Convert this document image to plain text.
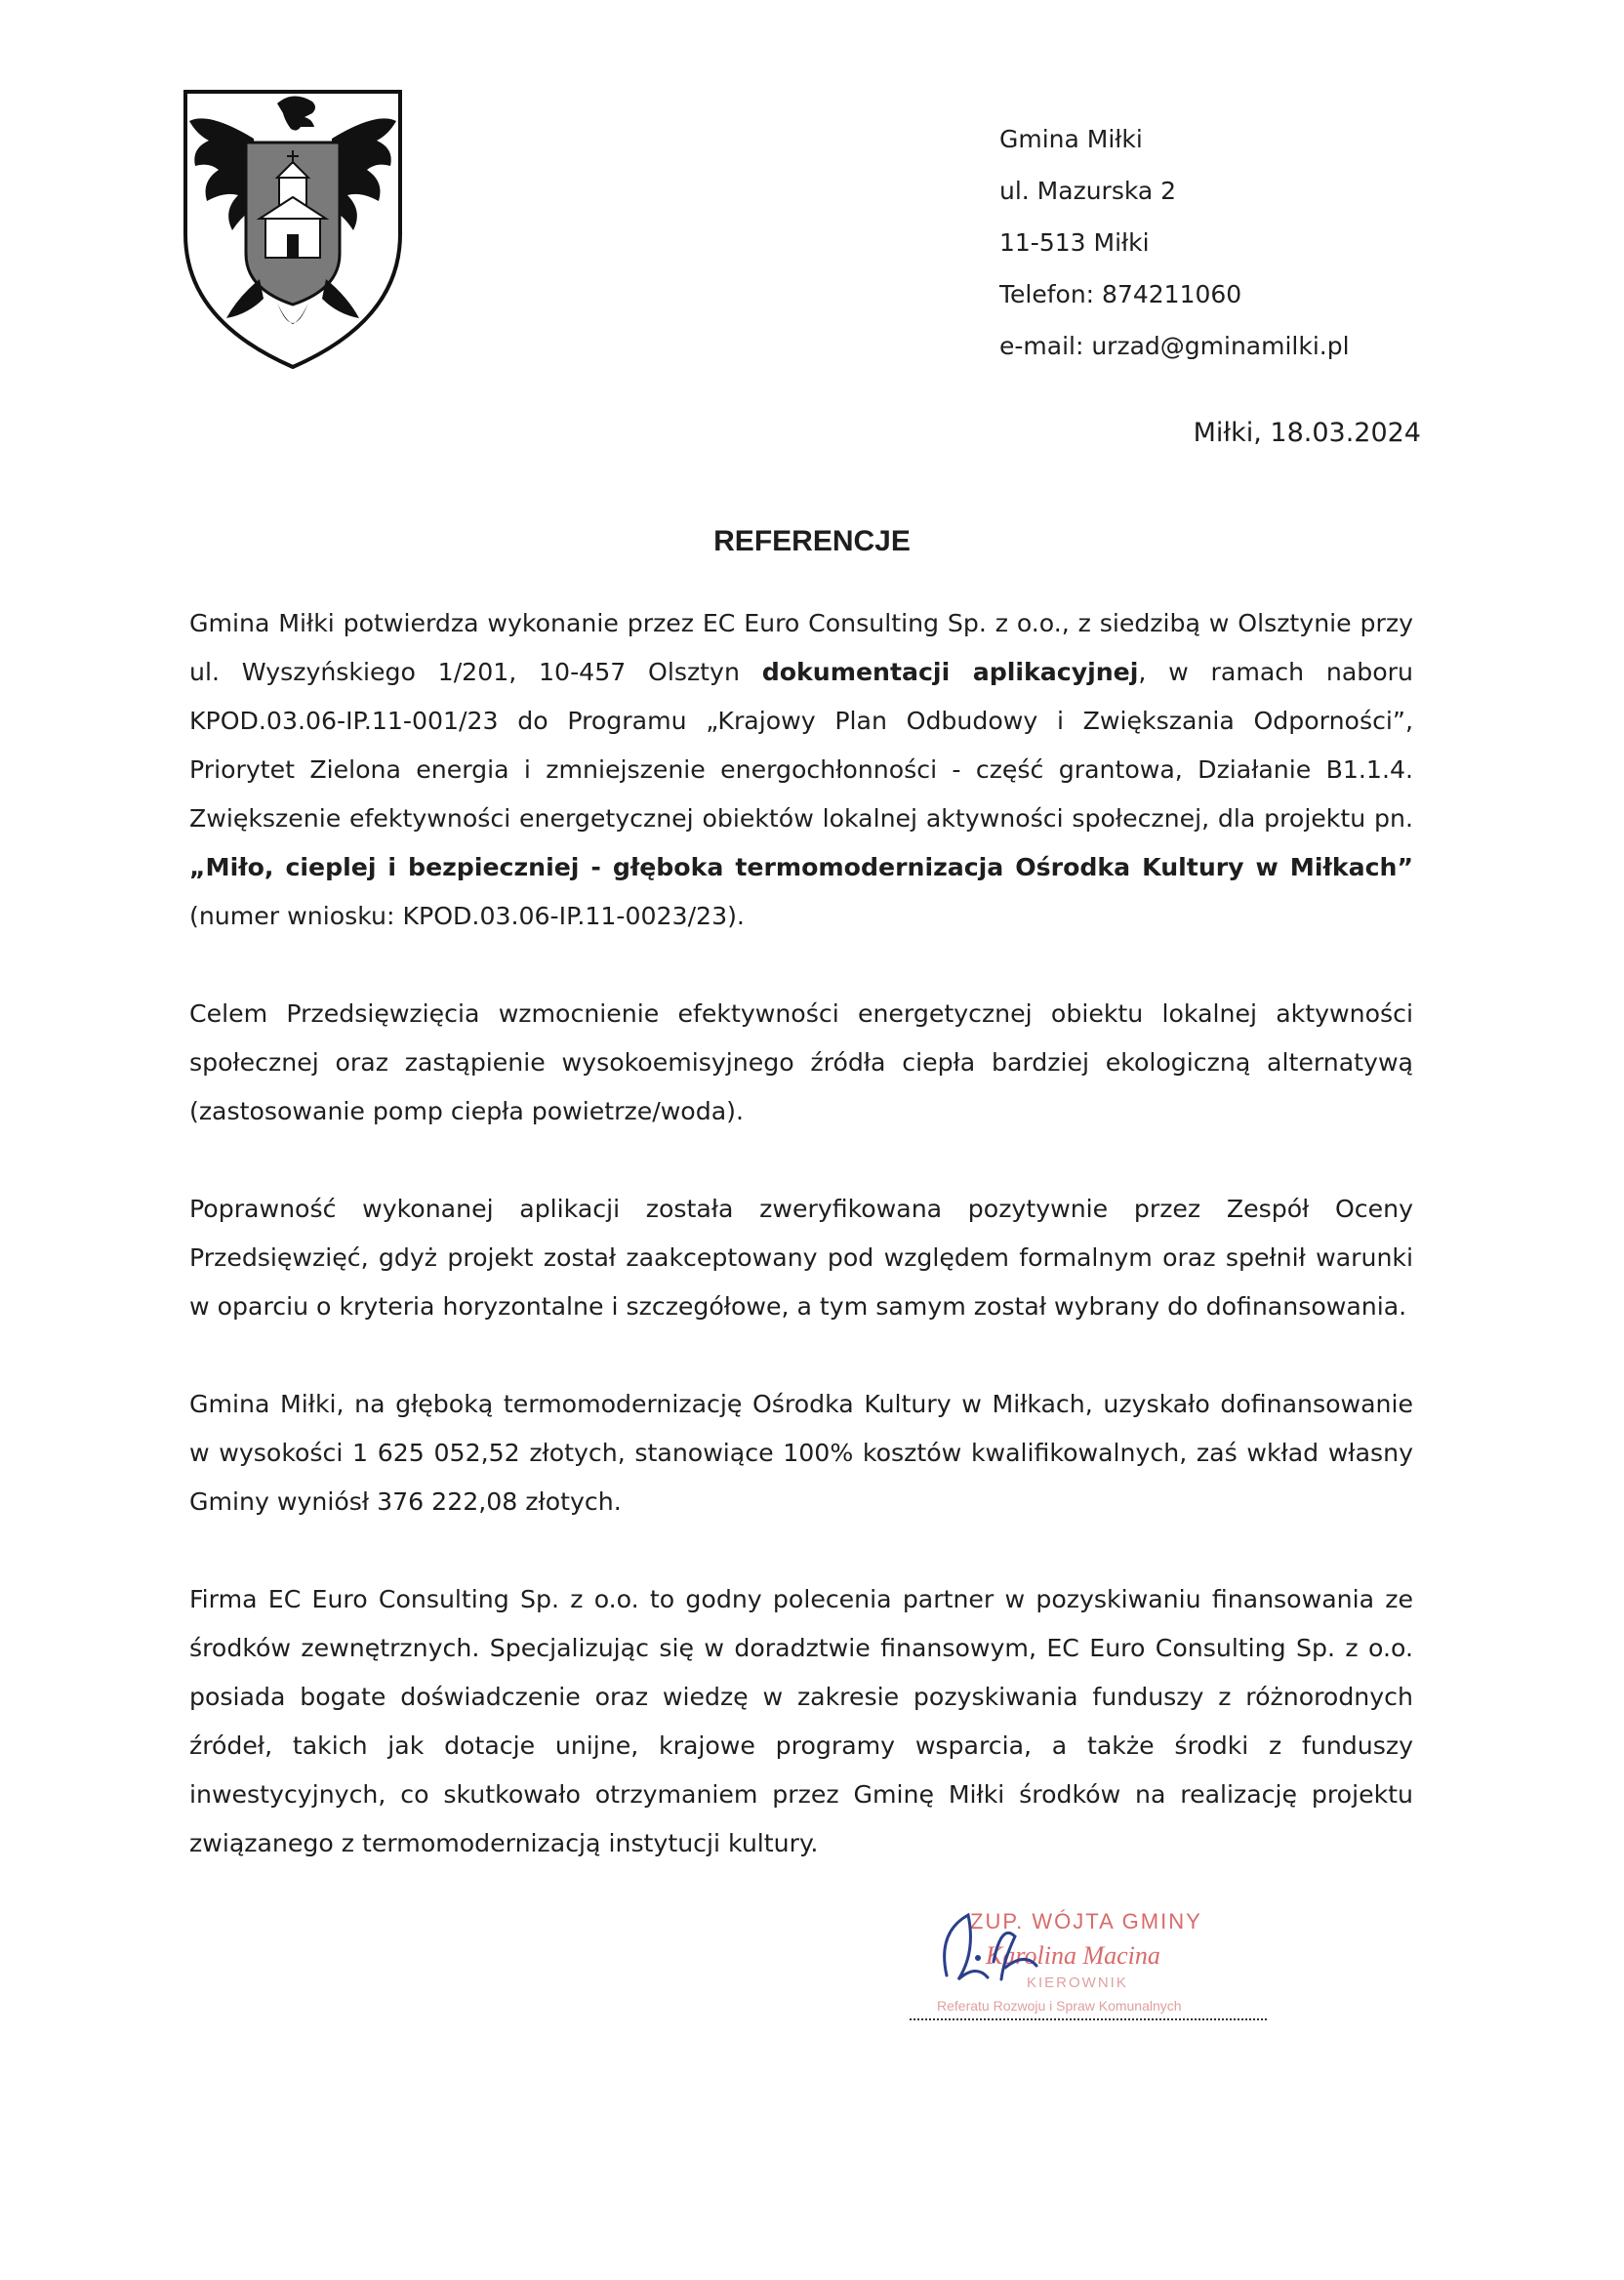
Gmina Miłki
ul. Mazurska 2
11-513 Miłki
Telefon: 874211060
e-mail: urzad@gminamilki.pl
Miłki, 18.03.2024
REFERENCJE

Gmina Miłki potwierdza wykonanie przez EC Euro Consulting Sp. z o.o., z siedzibą w Olsztynie przy ul. Wyszyńskiego 1/201, 10-457 Olsztyn dokumentacji aplikacyjnej, w ramach naboru KPOD.03.06-IP.11-001/23 do Programu „Krajowy Plan Odbudowy i Zwiększania Odporności”, Priorytet Zielona energia i zmniejszenie energochłonności - część grantowa, Działanie B1.1.4. Zwiększenie efektywności energetycznej obiektów lokalnej aktywności społecznej, dla projektu pn. „Miło, cieplej i bezpieczniej - głęboka termomodernizacja Ośrodka Kultury w Miłkach” (numer wniosku: KPOD.03.06-IP.11-0023/23).

Celem Przedsięwzięcia wzmocnienie efektywności energetycznej obiektu lokalnej aktywności społecznej oraz zastąpienie wysokoemisyjnego źródła ciepła bardziej ekologiczną alternatywą (zastosowanie pomp ciepła powietrze/woda).

Poprawność wykonanej aplikacji została zweryfikowana pozytywnie przez Zespół Oceny Przedsięwzięć, gdyż projekt został zaakceptowany pod względem formalnym oraz spełnił warunki w oparciu o kryteria horyzontalne i szczegółowe, a tym samym został wybrany do dofinansowania.

Gmina Miłki, na głęboką termomodernizację Ośrodka Kultury w Miłkach, uzyskało dofinansowanie w wysokości 1 625 052,52 złotych, stanowiące 100% kosztów kwalifikowalnych, zaś wkład własny Gminy wyniósł 376 222,08 złotych.

Firma EC Euro Consulting Sp. z o.o. to godny polecenia partner w pozyskiwaniu finansowania ze środków zewnętrznych. Specjalizując się w doradztwie finansowym, EC Euro Consulting Sp. z o.o. posiada bogate doświadczenie oraz wiedzę w zakresie pozyskiwania funduszy z różnorodnych źródeł, takich jak dotacje unijne, krajowe programy wsparcia, a także środki z funduszy inwestycyjnych, co skutkowało otrzymaniem przez Gminę Miłki środków na realizację projektu związanego z termomodernizacją instytucji kultury.

ZUP. WÓJTA GMINY
Karolina Macina
KIEROWNIK
Referatu Rozwoju i Spraw Komunalnych
